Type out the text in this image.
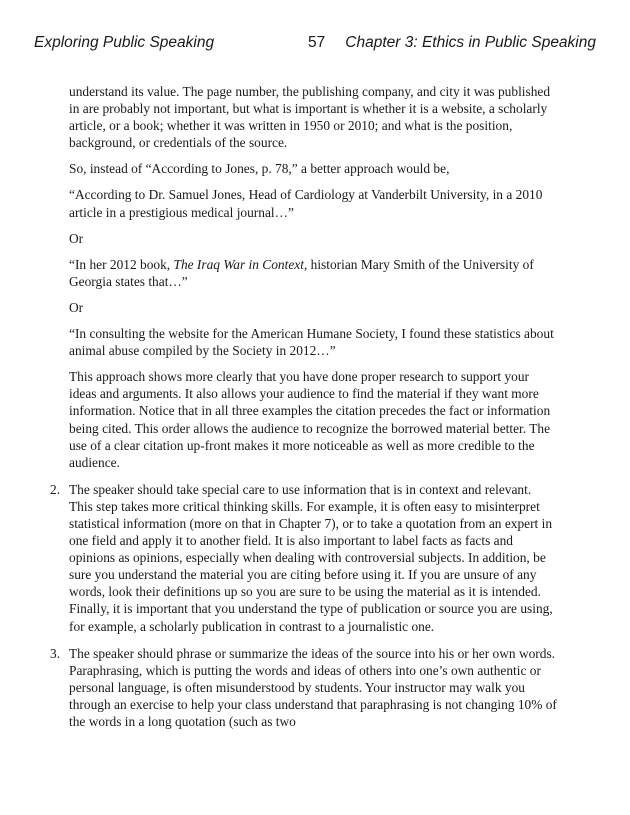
Exploring Public Speaking	57 Chapter 3: Ethics in Public Speaking

understand its value. The page number, the publishing company, and city it was published in are probably not important, but what is important is whether it is a website, a scholarly article, or a book; whether it was written in 1950 or 2010; and what is the position, background, or credentials of the source.

So, instead of “According to Jones, p. 78,” a better approach would be,

“According to Dr. Samuel Jones, Head of Cardiology at Vanderbilt University, in a 2010 article in a prestigious medical journal…”

Or

“In her 2012 book, The Iraq War in Context, historian Mary Smith of the University of Georgia states that…”

Or

“In consulting the website for the American Humane Society, I found these statistics about animal abuse compiled by the Society in 2012…”

This approach shows more clearly that you have done proper research to support your ideas and arguments. It also allows your audience to find the material if they want more information. Notice that in all three examples the citation precedes the fact or information being cited. This order allows the audience to recognize the borrowed material better. The use of a clear citation up-front makes it more noticeable as well as more credible to the audience.

2. The speaker should take special care to use information that is in context and relevant. This step takes more critical thinking skills. For example, it is often easy to misinterpret statistical information (more on that in Chapter 7), or to take a quotation from an expert in one field and apply it to another field. It is also important to label facts as facts and opinions as opinions, especially when dealing with controversial subjects. In addition, be sure you understand the material you are citing before using it. If you are unsure of any words, look their definitions up so you are sure to be using the material as it is intended. Finally, it is important that you understand the type of publication or source you are using, for example, a scholarly publication in contrast to a journalistic one.

3. The speaker should phrase or summarize the ideas of the source into his or her own words. Paraphrasing, which is putting the words and ideas of others into one’s own authentic or personal language, is often misunderstood by students. Your instructor may walk you through an exercise to help your class understand that paraphrasing is not changing 10% of the words in a long quotation (such as two
